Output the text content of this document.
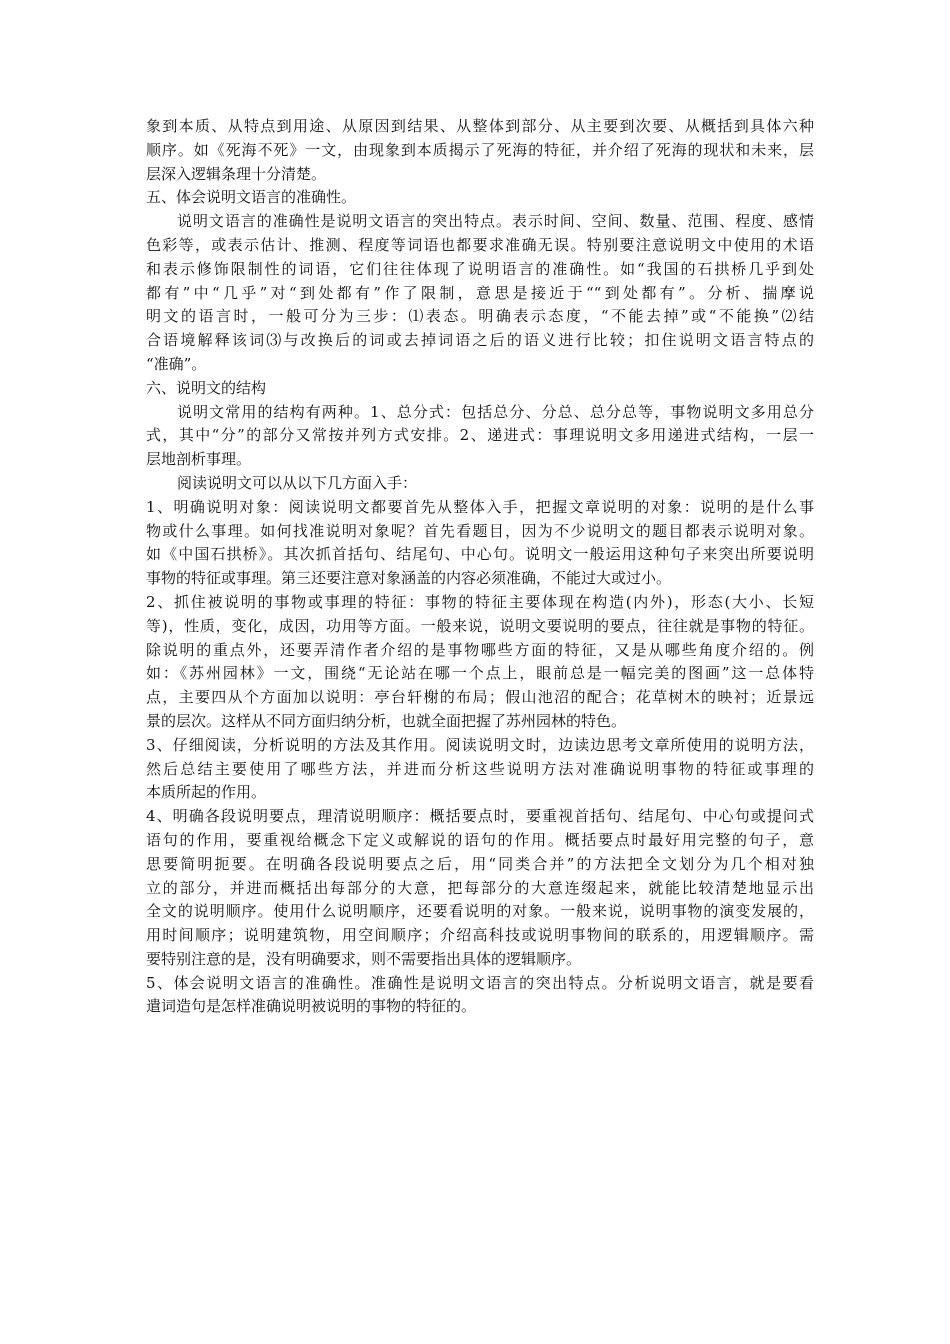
象到本质、从特点到用途、从原因到结果、从整体到部分、从主要到次要、从概括到具体六种
顺序。如《死海不死》一文，由现象到本质揭示了死海的特征，并介绍了死海的现状和未来，层
层深入逻辑条理十分清楚。
五、体会说明文语言的准确性。
说明文语言的准确性是说明文语言的突出特点。表示时间、空间、数量、范围、程度、感情
色彩等，或表示估计、推测、程度等词语也都要求准确无误。特别要注意说明文中使用的术语
和表示修饰限制性的词语，它们往往体现了说明语言的准确性。如“我国的石拱桥几乎到处
都有”中“几乎”对“到处都有”作了限制，意思是接近于““到处都有”。分析、揣摩说
明文的语言时，一般可分为三步：⑴表态。明确表示态度，“不能去掉”或“不能换”⑵结
合语境解释该词⑶与改换后的词或去掉词语之后的语义进行比较；扣住说明文语言特点的
“准确”。
六、说明文的结构
说明文常用的结构有两种。1、总分式：包括总分、分总、总分总等，事物说明文多用总分
式，其中“分”的部分又常按并列方式安排。2、递进式：事理说明文多用递进式结构，一层一
层地剖析事理。
阅读说明文可以从以下几方面入手：
1、明确说明对象：阅读说明文都要首先从整体入手，把握文章说明的对象：说明的是什么事
物或什么事理。如何找准说明对象呢？首先看题目，因为不少说明文的题目都表示说明对象。
如《中国石拱桥》。其次抓首括句、结尾句、中心句。说明文一般运用这种句子来突出所要说明
事物的特征或事理。第三还要注意对象涵盖的内容必须准确，不能过大或过小。
2、抓住被说明的事物或事理的特征：事物的特征主要体现在构造(内外)，形态(大小、长短
等)，性质，变化，成因，功用等方面。一般来说，说明文要说明的要点，往往就是事物的特征。
除说明的重点外，还要弄清作者介绍的是事物哪些方面的特征，又是从哪些角度介绍的。例
如：《苏州园林》一文，围绕“无论站在哪一个点上，眼前总是一幅完美的图画”这一总体特
点，主要四从个方面加以说明：亭台轩榭的布局；假山池沼的配合；花草树木的映衬；近景远
景的层次。这样从不同方面归纳分析，也就全面把握了苏州园林的特色。
3、仔细阅读，分析说明的方法及其作用。阅读说明文时，边读边思考文章所使用的说明方法，
然后总结主要使用了哪些方法，并进而分析这些说明方法对准确说明事物的特征或事理的
本质所起的作用。
4、明确各段说明要点，理清说明顺序：概括要点时，要重视首括句、结尾句、中心句或提问式
语句的作用，要重视给概念下定义或解说的语句的作用。概括要点时最好用完整的句子，意
思要简明扼要。在明确各段说明要点之后，用“同类合并”的方法把全文划分为几个相对独
立的部分，并进而概括出每部分的大意，把每部分的大意连缀起来，就能比较清楚地显示出
全文的说明顺序。使用什么说明顺序，还要看说明的对象。一般来说，说明事物的演变发展的，
用时间顺序；说明建筑物，用空间顺序；介绍高科技或说明事物间的联系的，用逻辑顺序。需
要特别注意的是，没有明确要求，则不需要指出具体的逻辑顺序。
5、体会说明文语言的准确性。准确性是说明文语言的突出特点。分析说明文语言，就是要看
遣词造句是怎样准确说明被说明的事物的特征的。
